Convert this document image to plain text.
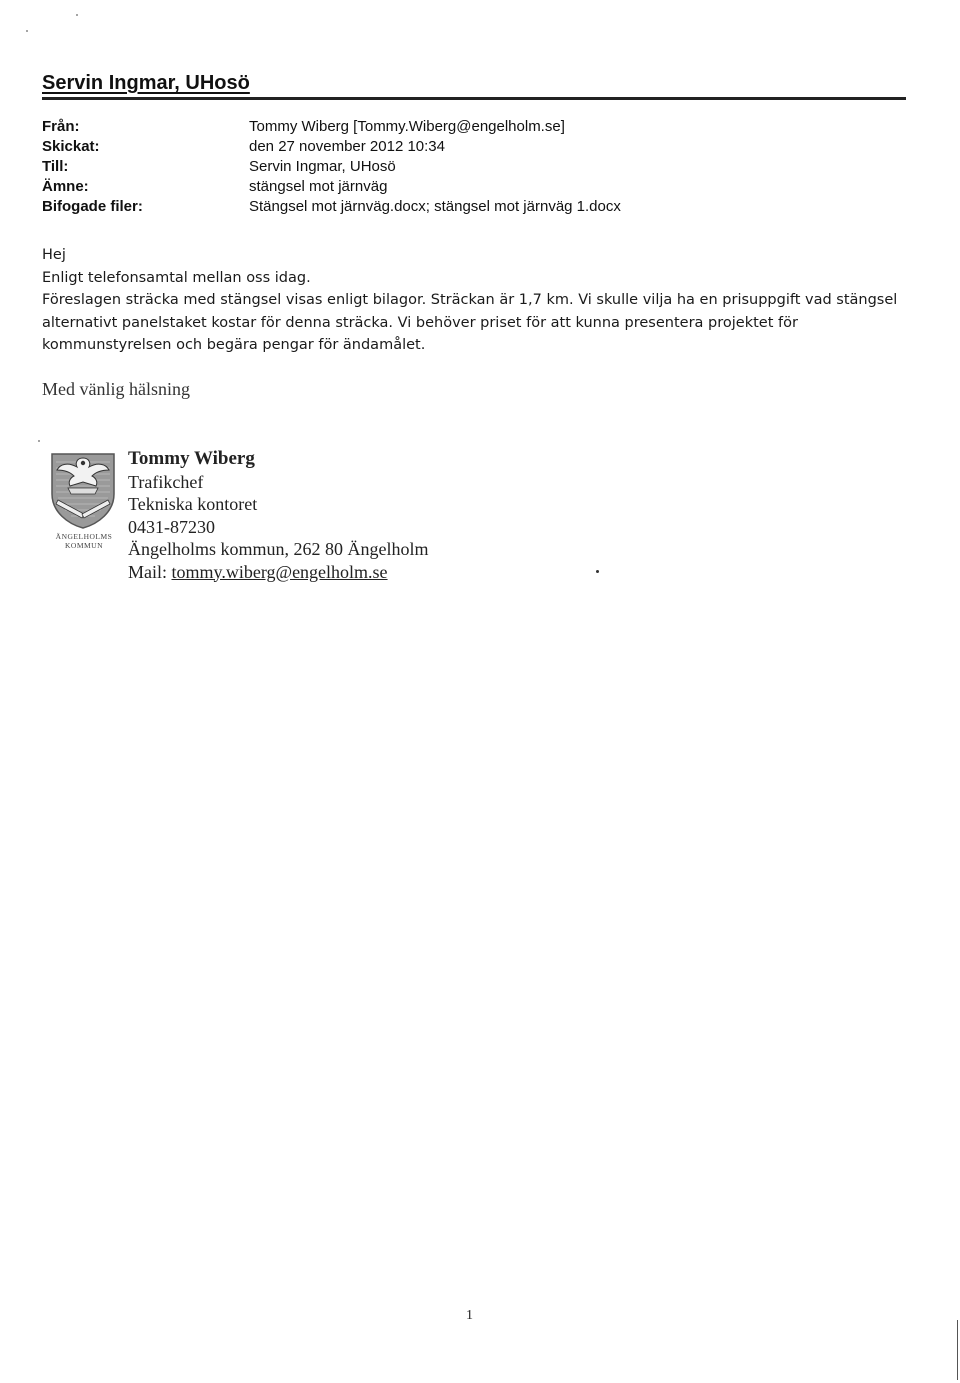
Servin Ingmar, UHosö
Från:	Tommy Wiberg [Tommy.Wiberg@engelholm.se]
Skickat:	den 27 november 2012 10:34
Till:	Servin Ingmar, UHosö
Ämne:	stängsel mot järnväg
Bifogade filer:	Stängsel mot järnväg.docx; stängsel mot järnväg 1.docx

Hej

Enligt telefonsamtal mellan oss idag.

Föreslagen sträcka med stängsel visas enligt bilagor. Sträckan är 1,7 km. Vi skulle vilja ha en prisuppgift vad stängsel

alternativt panelstaket kostar för denna sträcka. Vi behöver priset för att kunna presentera projektet för

kommunstyrelsen och begära pengar för ändamålet.

Med vänlig hälsning
ÄNGELHOLMS
KOMMUN
Tommy Wiberg
Trafikchef
Tekniska kontoret
0431-87230
Ängelholms kommun, 262 80 Ängelholm
Mail: tommy.wiberg@engelholm.se
1
